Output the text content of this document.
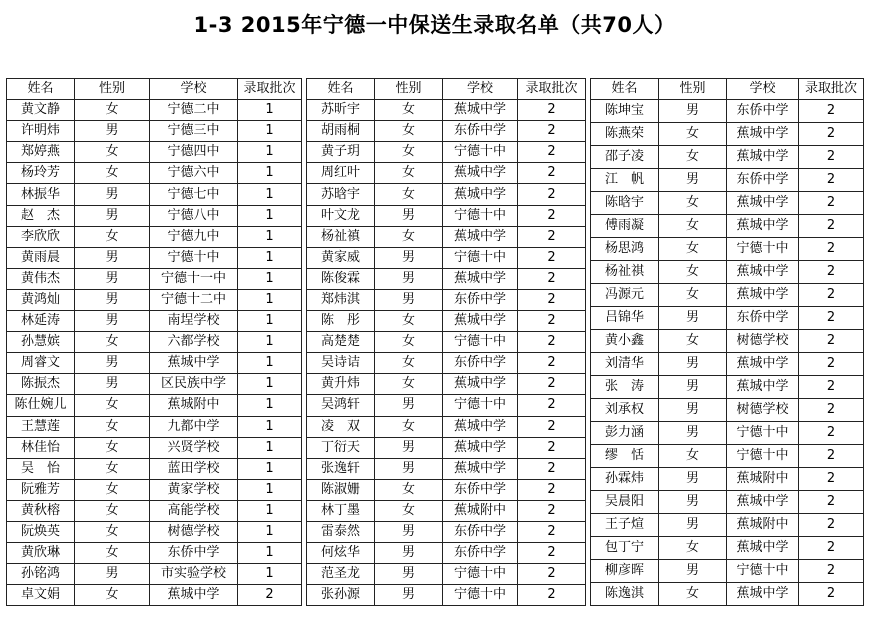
1-3 2015年宁德一中保送生录取名单（共70人）
姓名	性别	学校	录取批次
黄文静	女	宁德二中	1
许明炜	男	宁德三中	1
郑婷燕	女	宁德四中	1
杨玲芳	女	宁德六中	1
林振华	男	宁德七中	1
赵　杰	男	宁德八中	1
李欣欣	女	宁德九中	1
黄雨晨	男	宁德十中	1
黄伟杰	男	宁德十一中	1
黄鸿灿	男	宁德十二中	1
林延涛	男	南埕学校	1
孙慧嫔	女	六都学校	1
周睿文	男	蕉城中学	1
陈振杰	男	区民族中学	1
陈仕婉儿	女	蕉城附中	1
王慧莲	女	九都中学	1
林佳怡	女	兴贤学校	1
吴　怡	女	蓝田学校	1
阮雅芳	女	黄家学校	1
黄秋榕	女	高能学校	1
阮焕英	女	树德学校	1
黄欣琳	女	东侨中学	1
孙铭鸿	男	市实验学校	1
卓文娟	女	蕉城中学	2
姓名	性别	学校	录取批次
苏昕宇	女	蕉城中学	2
胡雨桐	女	东侨中学	2
黄子玥	女	宁德十中	2
周红叶	女	蕉城中学	2
苏晗宇	女	蕉城中学	2
叶文龙	男	宁德十中	2
杨祉禛	女	蕉城中学	2
黄家威	男	宁德十中	2
陈俊霖	男	蕉城中学	2
郑炜淇	男	东侨中学	2
陈　彤	女	蕉城中学	2
高楚楚	女	宁德十中	2
吴诗诘	女	东侨中学	2
黄升炜	女	蕉城中学	2
吴鸿轩	男	宁德十中	2
凌　双	女	蕉城中学	2
丁衍天	男	蕉城中学	2
张逸轩	男	蕉城中学	2
陈淑姗	女	东侨中学	2
林丁墨	女	蕉城附中	2
雷泰然	男	东侨中学	2
何炫华	男	东侨中学	2
范圣龙	男	宁德十中	2
张孙源	男	宁德十中	2
姓名	性别	学校	录取批次
陈坤宝	男	东侨中学	2
陈燕荣	女	蕉城中学	2
邵子凌	女	蕉城中学	2
江　帆	男	东侨中学	2
陈晗宇	女	蕉城中学	2
傅雨凝	女	蕉城中学	2
杨思鸿	女	宁德十中	2
杨祉祺	女	蕉城中学	2
冯源元	女	蕉城中学	2
吕锦华	男	东侨中学	2
黄小鑫	女	树德学校	2
刘清华	男	蕉城中学	2
张　涛	男	蕉城中学	2
刘承权	男	树德学校	2
彭力涵	男	宁德十中	2
缪　恬	女	宁德十中	2
孙霖炜	男	蕉城附中	2
吴晨阳	男	蕉城中学	2
王子煊	男	蕉城附中	2
包丁宁	女	蕉城中学	2
柳彦晖	男	宁德十中	2
陈逸淇	女	蕉城中学	2
